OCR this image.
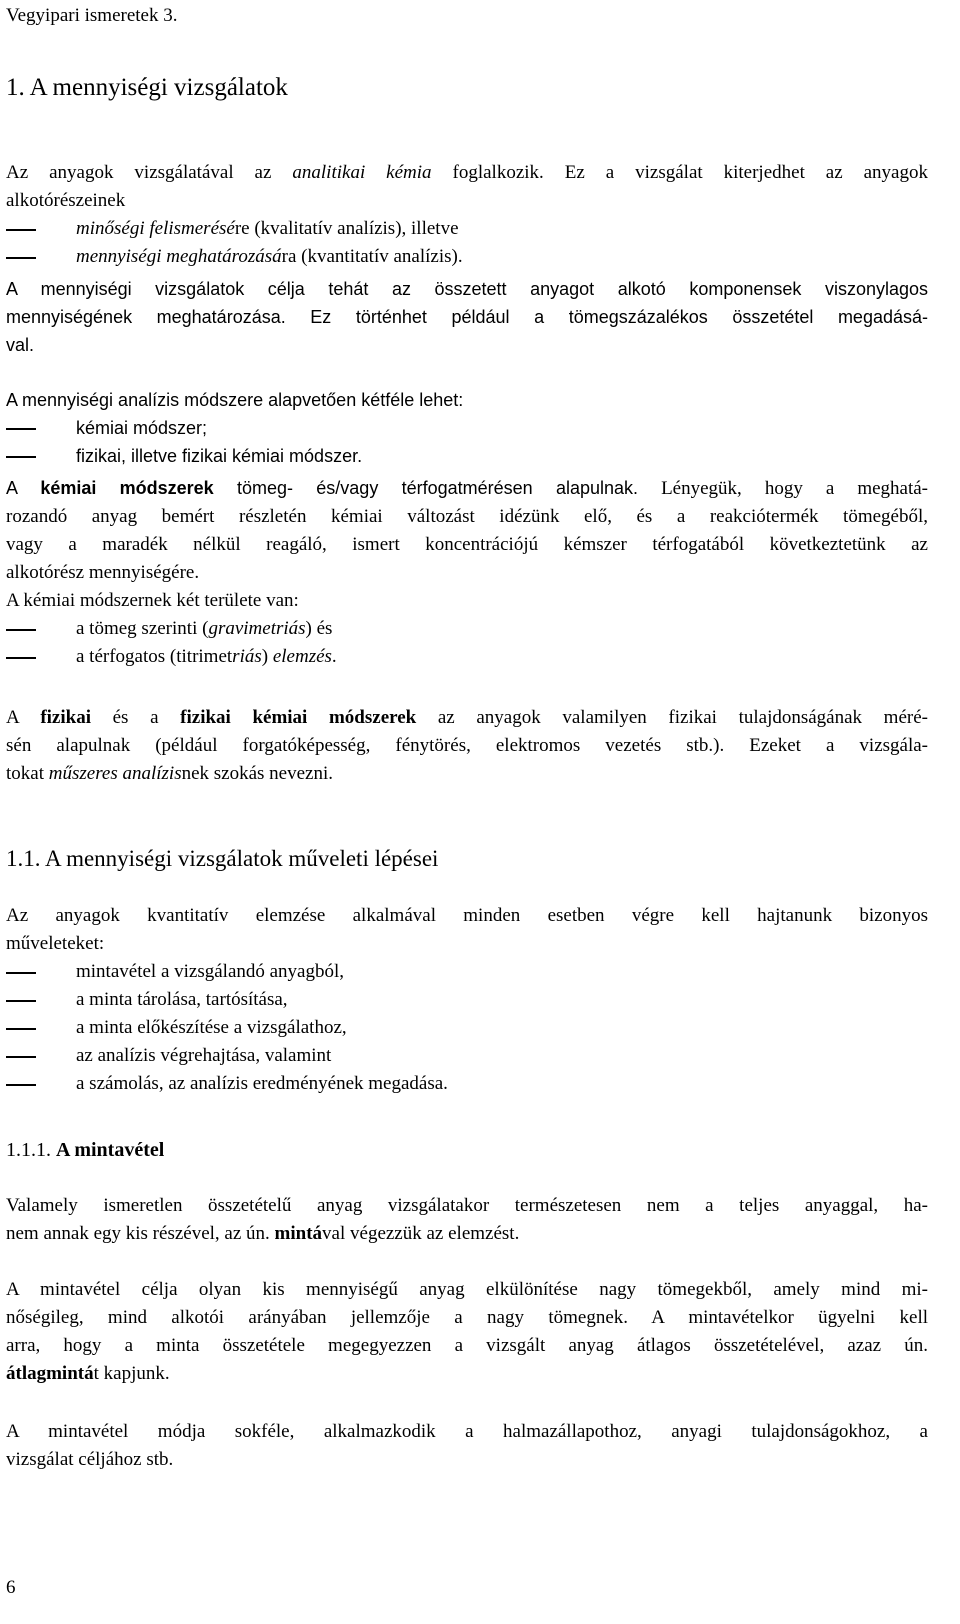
Vegyipari ismeretek 3.
1. A mennyiségi vizsgálatok
Az anyagok vizsgálatával az analitikai kémia foglalkozik. Ez a vizsgálat kiterjedhet az anyagok
alkotórészeinek
minőségi felismerésére (kvalitatív analízis), illetve
mennyiségi meghatározására (kvantitatív analízis).
A mennyiségi vizsgálatok célja tehát az összetett anyagot alkotó komponensek viszonylagos
mennyiségének meghatározása. Ez történhet például a tömegszázalékos összetétel megadásá-
val.
A mennyiségi analízis módszere alapvetően kétféle lehet:
kémiai módszer;
fizikai, illetve fizikai kémiai módszer.
A kémiai módszerek tömeg- és/vagy térfogatmérésen alapulnak. Lényegük, hogy a meghatá-
rozandó anyag bemért részletén kémiai változást idézünk elő, és a reakciótermék tömegéből,
vagy a maradék nélkül reagáló, ismert koncentrációjú kémszer térfogatából következtetünk az
alkotórész mennyiségére.
A kémiai módszernek két területe van:
a tömeg szerinti (gravimetriás) és
a térfogatos (titrimetriás) elemzés.
A fizikai és a fizikai kémiai módszerek az anyagok valamilyen fizikai tulajdonságának méré-
sén alapulnak (például forgatóképesség, fénytörés, elektromos vezetés stb.). Ezeket a vizsgála-
tokat műszeres analízisnek szokás nevezni.
1.1. A mennyiségi vizsgálatok műveleti lépései
Az anyagok kvantitatív elemzése alkalmával minden esetben végre kell hajtanunk bizonyos
műveleteket:
mintavétel a vizsgálandó anyagból,
a minta tárolása, tartósítása,
a minta előkészítése a vizsgálathoz,
az analízis végrehajtása, valamint
a számolás, az analízis eredményének megadása.
1.1.1. A mintavétel
Valamely ismeretlen összetételű anyag vizsgálatakor természetesen nem a teljes anyaggal, ha-
nem annak egy kis részével, az ún. mintával végezzük az elemzést.
A mintavétel célja olyan kis mennyiségű anyag elkülönítése nagy tömegekből, amely mind mi-
nőségileg, mind alkotói arányában jellemzője a nagy tömegnek. A mintavételkor ügyelni kell
arra, hogy a minta összetétele megegyezzen a vizsgált anyag átlagos összetételével, azaz ún.
átlagmintát kapjunk.
A mintavétel módja sokféle, alkalmazkodik a halmazállapothoz, anyagi tulajdonságokhoz, a
vizsgálat céljához stb.
6
